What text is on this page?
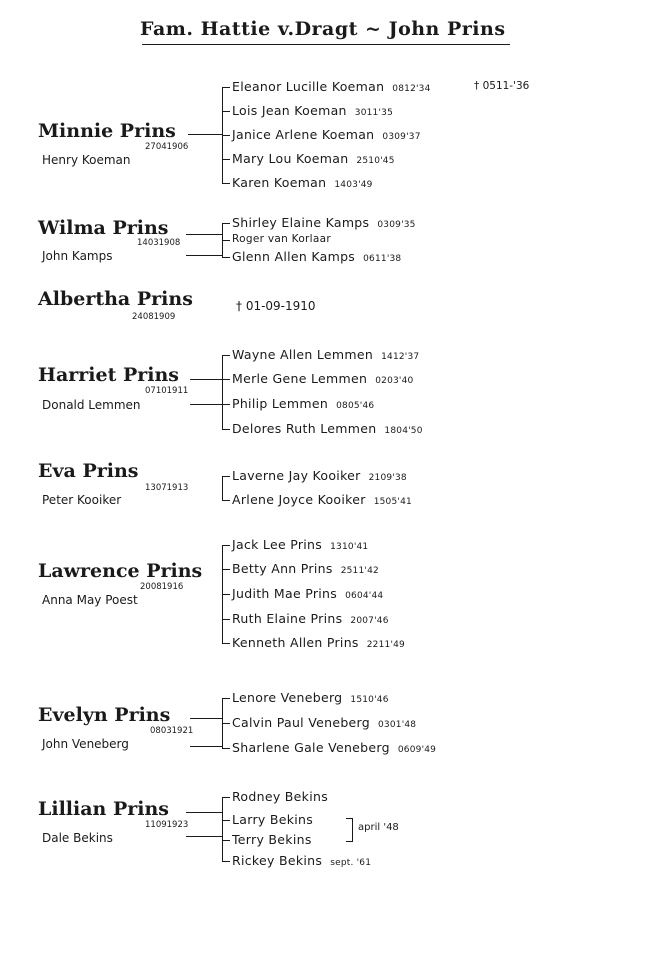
Fam. Hattie v.Dragt ~ John Prins
Minnie Prins
27041906
Henry Koeman
Eleanor Lucille Koeman 0812'34
Lois Jean Koeman 3011'35
Janice Arlene Koeman 0309'37
Mary Lou Koeman 2510'45
Karen Koeman 1403'49
† 0511-'36
Wilma Prins
14031908
John Kamps
Shirley Elaine Kamps 0309'35
Roger van Korlaar
Glenn Allen Kamps 0611'38
Albertha Prins
24081909
† 01-09-1910
Harriet Prins
07101911
Donald Lemmen
Wayne Allen Lemmen 1412'37
Merle Gene Lemmen 0203'40
Philip Lemmen 0805'46
Delores Ruth Lemmen 1804'50
Eva Prins
13071913
Peter Kooiker
Laverne Jay Kooiker 2109'38
Arlene Joyce Kooiker 1505'41
Lawrence Prins
20081916
Anna May Poest
Jack Lee Prins 1310'41
Betty Ann Prins 2511'42
Judith Mae Prins 0604'44
Ruth Elaine Prins 2007'46
Kenneth Allen Prins 2211'49
Evelyn Prins
08031921
John Veneberg
Lenore Veneberg 1510'46
Calvin Paul Veneberg 0301'48
Sharlene Gale Veneberg 0609'49
Lillian Prins
11091923
Dale Bekins
Rodney Bekins
Larry Bekins
Terry Bekins
Rickey Bekins sept. '61
april '48
